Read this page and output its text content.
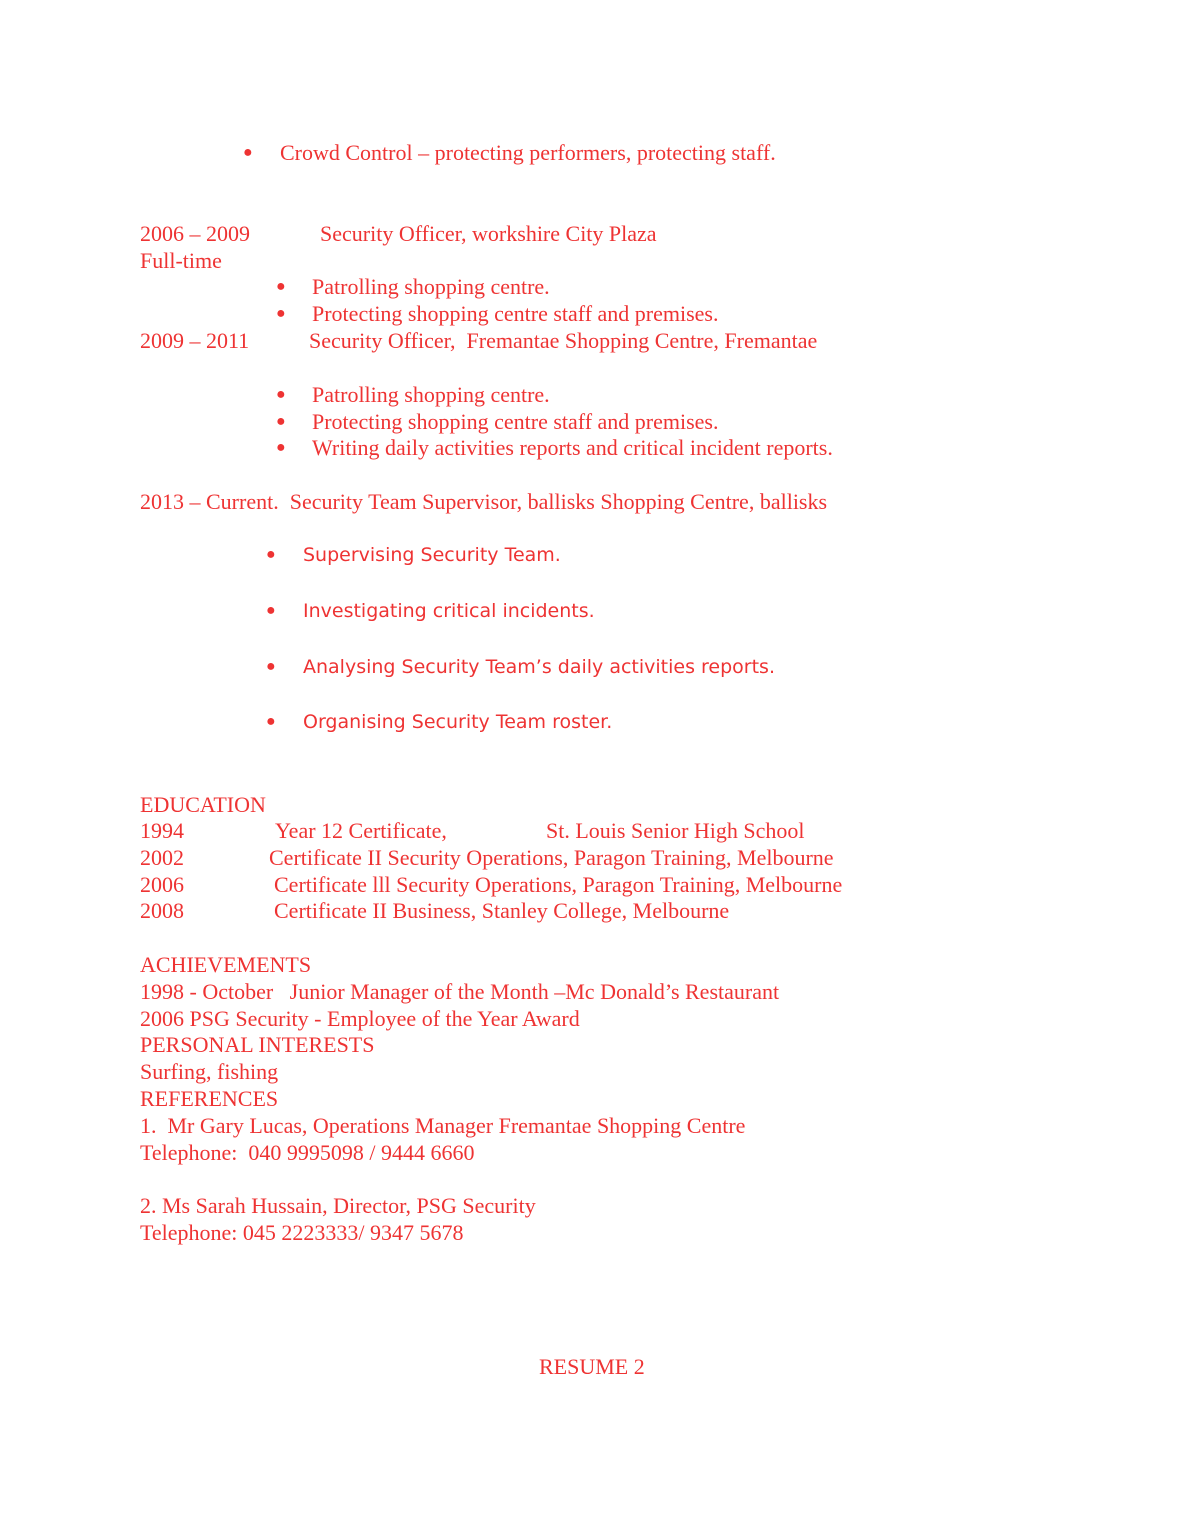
●
Crowd Control – protecting performers, protecting staff.
2006 – 2009	Security Officer, workshire City Plaza
Full-time
●
Patrolling shopping centre.
●
Protecting shopping centre staff and premises.
2009 – 2011	Security Officer,  Fremantae Shopping Centre, Fremantae
●
Patrolling shopping centre.
●
Protecting shopping centre staff and premises.
●
Writing daily activities reports and critical incident reports.
2013 – Current.  Security Team Supervisor, ballisks Shopping Centre, ballisks
●
Supervising Security Team.
●
Investigating critical incidents.
●
Analysing Security Team’s daily activities reports.
●
Organising Security Team roster.
EDUCATION
1994	Year 12 Certificate,	St. Louis Senior High School
2002	Certificate II Security Operations, Paragon Training, Melbourne
2006	Certificate lll Security Operations, Paragon Training, Melbourne
2008	Certificate II Business, Stanley College, Melbourne
ACHIEVEMENTS
1998 - October   Junior Manager of the Month –Mc Donald’s Restaurant
2006 PSG Security - Employee of the Year Award
PERSONAL INTERESTS
Surfing, fishing
REFERENCES
1.  Mr Gary Lucas, Operations Manager Fremantae Shopping Centre
Telephone:  040 9995098 / 9444 6660
2. Ms Sarah Hussain, Director, PSG Security
Telephone: 045 2223333/ 9347 5678
RESUME 2
